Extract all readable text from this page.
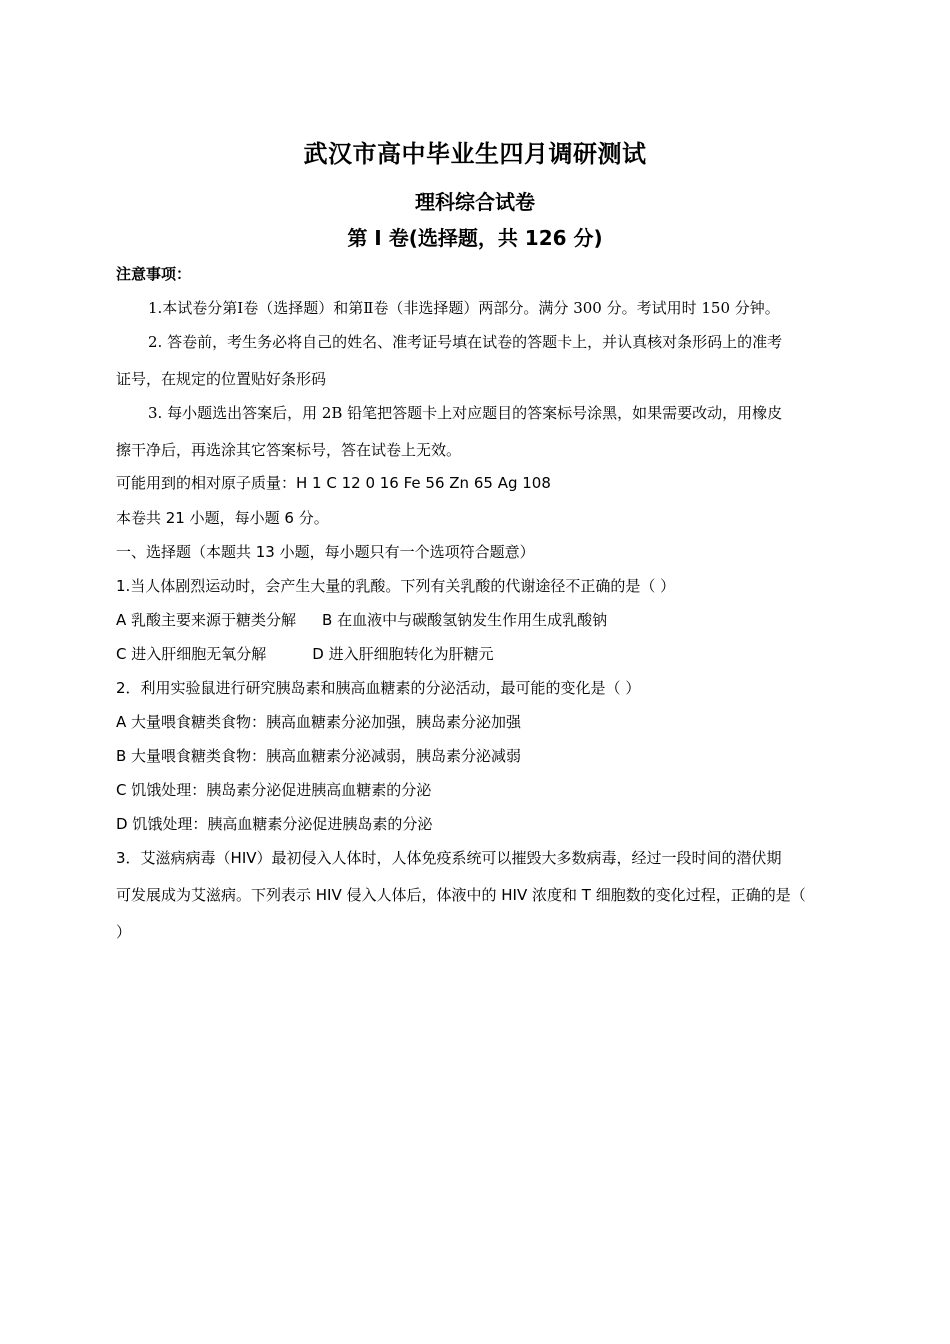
武汉市高中毕业生四月调研测试
理科综合试卷
第 I 卷(选择题，共 126 分)
注意事项：
1.本试卷分第Ⅰ卷（选择题）和第Ⅱ卷（非选择题）两部分。满分 300 分。考试用时 150 分钟。
2. 答卷前，考生务必将自己的姓名、准考证号填在试卷的答题卡上，并认真核对条形码上的准考
证号，在规定的位置贴好条形码
3. 每小题选出答案后，用 2B 铅笔把答题卡上对应题目的答案标号涂黑，如果需要改动，用橡皮
擦干净后，再选涂其它答案标号，答在试卷上无效。
可能用到的相对原子质量：H 1 C 12 0 16 Fe 56 Zn 65 Ag 108
本卷共 21 小题，每小题 6 分。
一、选择题（本题共 13 小题，每小题只有一个选项符合题意）
1.当人体剧烈运动时，会产生大量的乳酸。下列有关乳酸的代谢途径不正确的是（ ）
A 乳酸主要来源于糖类分解 B 在血液中与碳酸氢钠发生作用生成乳酸钠
C 进入肝细胞无氧分解	D 进入肝细胞转化为肝糖元
2．利用实验鼠进行研究胰岛素和胰高血糖素的分泌活动，最可能的变化是（ ）
A 大量喂食糖类食物：胰高血糖素分泌加强，胰岛素分泌加强
B 大量喂食糖类食物：胰高血糖素分泌减弱，胰岛素分泌减弱
C 饥饿处理：胰岛素分泌促进胰高血糖素的分泌
D 饥饿处理：胰高血糖素分泌促进胰岛素的分泌
3．艾滋病病毒（HIV）最初侵入人体时，人体免疫系统可以摧毁大多数病毒，经过一段时间的潜伏期
可发展成为艾滋病。下列表示 HIV 侵入人体后，体液中的 HIV 浓度和 T 细胞数的变化过程，正确的是（
）
